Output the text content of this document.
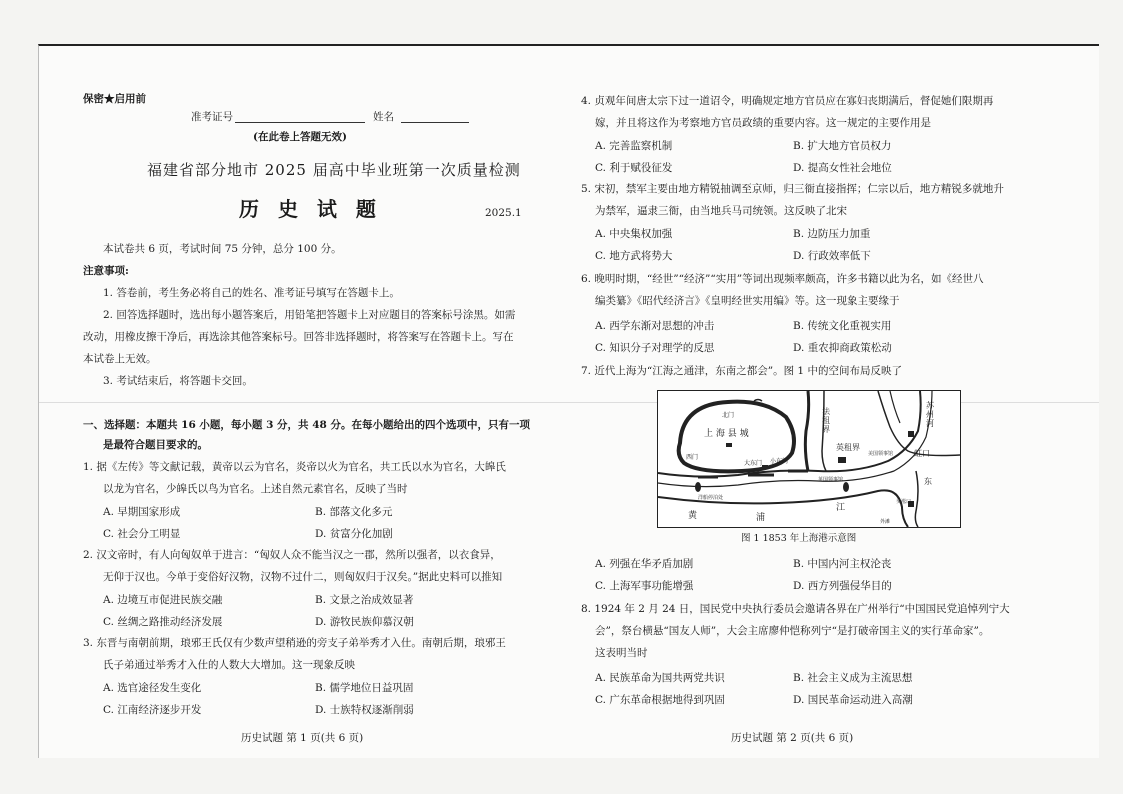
保密★启用前
准考证号	姓名
(在此卷上答题无效)
福建省部分地市 2025 届高中毕业班第一次质量检测
历 史 试 题	2025.1
本试卷共 6 页，考试时间 75 分钟，总分 100 分。
注意事项:
1. 答卷前，考生务必将自己的姓名、准考证号填写在答题卡上。
2. 回答选择题时，选出每小题答案后，用铅笔把答题卡上对应题目的答案标号涂黑。如需
改动，用橡皮擦干净后，再选涂其他答案标号。回答非选择题时，将答案写在答题卡上。写在
本试卷上无效。
3. 考试结束后，将答题卡交回。
一、选择题：本题共 16 小题，每小题 3 分，共 48 分。在每小题给出的四个选项中，只有一项
是最符合题目要求的。
1. 据《左传》等文献记载，黄帝以云为官名，炎帝以火为官名，共工氏以水为官名，大皞氏
以龙为官名，少皞氏以鸟为官名。上述自然元素官名，反映了当时
A. 早期国家形成	B. 部落文化多元
C. 社会分工明显	D. 贫富分化加剧
2. 汉文帝时，有人向匈奴单于进言：“匈奴人众不能当汉之一郡，然所以强者，以衣食异，
无仰于汉也。今单于变俗好汉物，汉物不过什二，则匈奴归于汉矣。”据此史料可以推知
A. 边境互市促进民族交融	B. 文景之治成效显著
C. 丝绸之路推动经济发展	D. 游牧民族仰慕汉朝
3. 东晋与南朝前期，琅邪王氏仅有少数声望稍逊的旁支子弟举秀才入仕。南朝后期，琅邪王
氏子弟通过举秀才入仕的人数大大增加。这一现象反映
A. 选官途径发生变化	B. 儒学地位日益巩固
C. 江南经济逐步开发	D. 士族特权逐渐削弱
历史试题 第 1 页(共 6 页)
4. 贞观年间唐太宗下过一道诏令，明确规定地方官员应在寡妇丧期满后，督促她们限期再
嫁，并且将这作为考察地方官员政绩的重要内容。这一规定的主要作用是
A. 完善监察机制	B. 扩大地方官员权力
C. 利于赋役征发	D. 提高女性社会地位
5. 宋初，禁军主要由地方精锐抽调至京师，归三衙直接指挥；仁宗以后，地方精锐多就地升
为禁军，逼隶三衙，由当地兵马司统领。这反映了北宋
A. 中央集权加强	B. 边防压力加重
C. 地方武将势大	D. 行政效率低下
6. 晚明时期，“经世”“经济”“实用”等词出现频率颇高，许多书籍以此为名，如《经世八
编类纂》《昭代经济言》《皇明经世实用编》等。这一现象主要缘于
A. 西学东渐对思想的冲击	B. 传统文化重视实用
C. 知识分子对理学的反思	D. 重农抑商政策松动
7. 近代上海为“江海之通津，东南之都会”。图 1 中的空间布局反映了
上 海 县 城
北门
西门
小东门
大东门
法租界
英租界
苏州河
虹口
黄	浦
江
东
洋船停泊处
英国领事馆
美国领事馆
吴淞口
外滩
图 1 1853 年上海港示意图
A. 列强在华矛盾加剧	B. 中国内河主权沦丧
C. 上海军事功能增强	D. 西方列强侵华目的
8. 1924 年 2 月 24 日，国民党中央执行委员会邀请各界在广州举行“中国国民党追悼列宁大
会”，祭台横悬“国友人师”，大会主席廖仲恺称列宁“是打破帝国主义的实行革命家”。
这表明当时
A. 民族革命为国共两党共识	B. 社会主义成为主流思想
C. 广东革命根据地得到巩固	D. 国民革命运动进入高潮
历史试题 第 2 页(共 6 页)
